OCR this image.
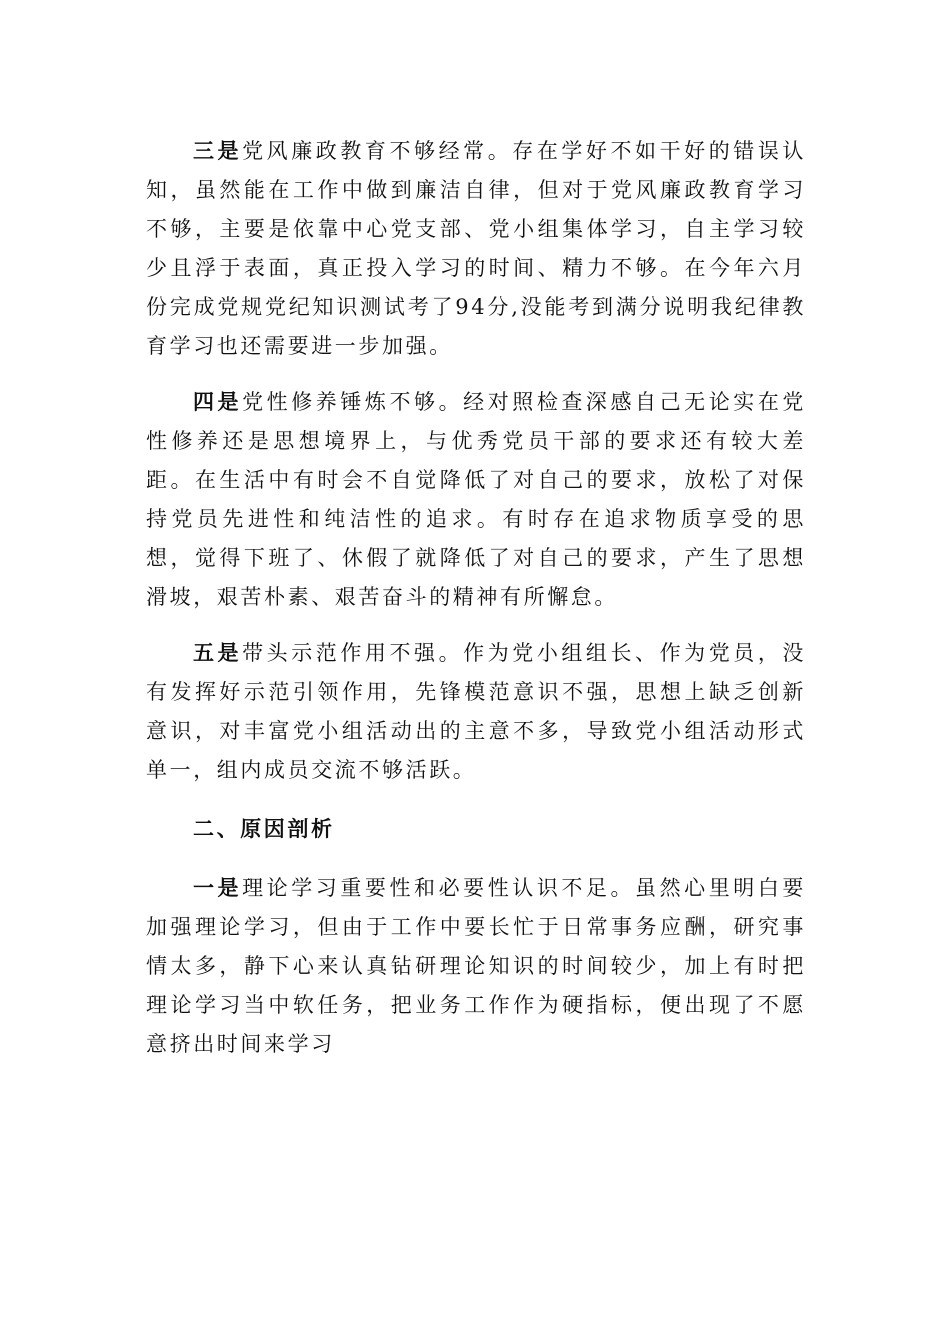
三是党风廉政教育不够经常。存在学好不如干好的错误认知，虽然能在工作中做到廉洁自律，但对于党风廉政教育学习不够，主要是依靠中心党支部、党小组集体学习，自主学习较少且浮于表面，真正投入学习的时间、精力不够。在今年六月份完成党规党纪知识测试考了94分,没能考到满分说明我纪律教育学习也还需要进一步加强。

四是党性修养锤炼不够。经对照检查深感自己无论实在党性修养还是思想境界上，与优秀党员干部的要求还有较大差距。在生活中有时会不自觉降低了对自己的要求，放松了对保持党员先进性和纯洁性的追求。有时存在追求物质享受的思想，觉得下班了、休假了就降低了对自己的要求，产生了思想滑坡，艰苦朴素、艰苦奋斗的精神有所懈怠。

五是带头示范作用不强。作为党小组组长、作为党员，没有发挥好示范引领作用，先锋模范意识不强，思想上缺乏创新意识，对丰富党小组活动出的主意不多，导致党小组活动形式单一，组内成员交流不够活跃。

二、原因剖析

一是理论学习重要性和必要性认识不足。虽然心里明白要加强理论学习，但由于工作中要长忙于日常事务应酬，研究事情太多，静下心来认真钻研理论知识的时间较少，加上有时把理论学习当中软任务，把业务工作作为硬指标，便出现了不愿意挤出时间来学习
